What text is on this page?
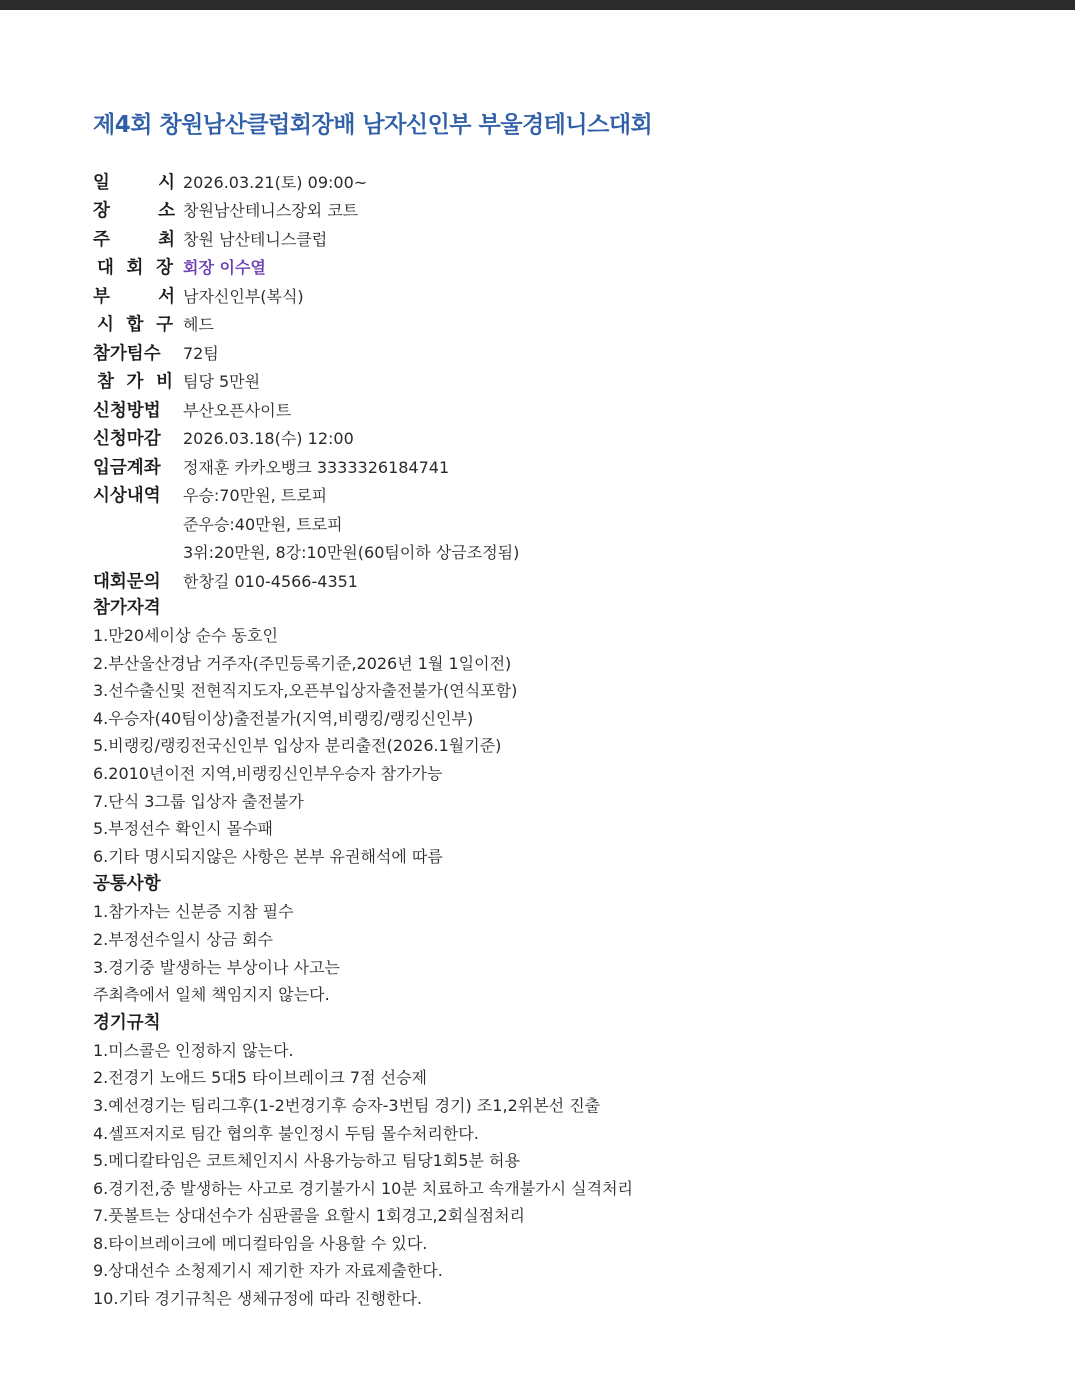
제4회 창원남산클럽회장배 남자신인부 부울경테니스대회
일	시 2026.03.21(토) 09:00~
장	소 창원남산테니스장외 코트
주	최 창원 남산테니스클럽
대 회 장 회장 이수열
부	서 남자신인부(복식)
시 합 구 헤드
참가팀수	72팀
참 가 비 팀당 5만원
신청방법	부산오픈사이트
신청마감	2026.03.18(수) 12:00
입금계좌	정재훈 카카오뱅크 3333326184741
시상내역	우승:70만원, 트로피
준우승:40만원, 트로피
3위:20만원, 8강:10만원(60팀이하 상금조정됨)
대회문의	한창길 010-4566-4351
참가자격
1.만20세이상 순수 동호인
2.부산울산경남 거주자(주민등록기준,2026년 1월 1일이전)
3.선수출신및 전현직지도자,오픈부입상자출전불가(연식포함)
4.우승자(40팀이상)출전불가(지역,비랭킹/랭킹신인부)
5.비랭킹/랭킹전국신인부 입상자 분리출전(2026.1월기준)
6.2010년이전 지역,비랭킹신인부우승자 참가가능
7.단식 3그룹 입상자 출전불가
5.부정선수 확인시 몰수패
6.기타 명시되지않은 사항은 본부 유권해석에 따름
공통사항
1.참가자는 신분증 지참 필수
2.부정선수일시 상금 회수
3.경기중 발생하는 부상이나 사고는
주최측에서 일체 책임지지 않는다.
경기규칙
1.미스콜은 인정하지 않는다.
2.전경기 노애드 5대5 타이브레이크 7점 선승제
3.예선경기는 팀리그후(1-2번경기후 승자-3번팀 경기) 조1,2위본선 진출
4.셀프저지로 팀간 협의후 불인정시 두팀 몰수처리한다.
5.메디칼타임은 코트체인지시 사용가능하고 팀당1회5분 허용
6.경기전,중 발생하는 사고로 경기불가시 10분 치료하고 속개불가시 실격처리
7.풋볼트는 상대선수가 심판콜을 요할시 1회경고,2회실점처리
8.타이브레이크에 메디컬타임을 사용할 수 있다.
9.상대선수 소청제기시 제기한 자가 자료제출한다.
10.기타 경기규칙은 생체규정에 따라 진행한다.
